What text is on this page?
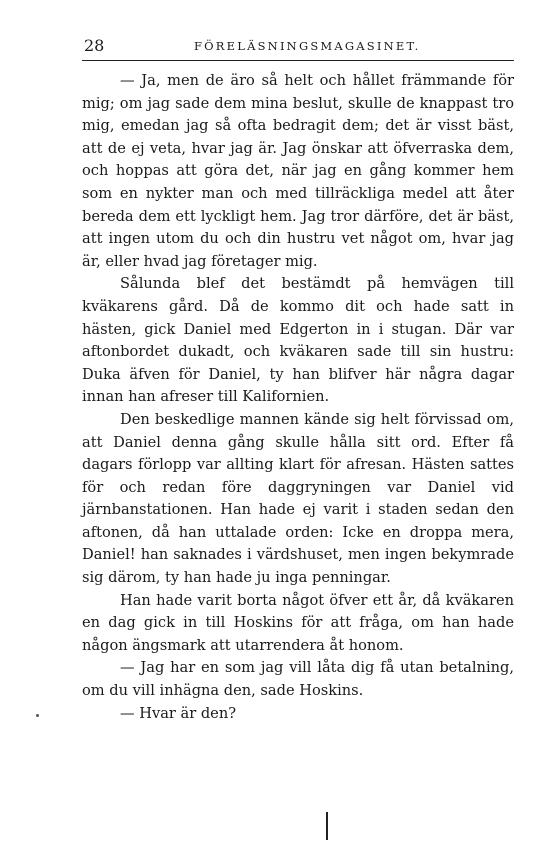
28	FÖRELÄSNINGSMAGASINET.

— Ja, men de äro så helt och hållet främmande för mig; om jag sade dem mina beslut, skulle de knappast tro mig, emedan jag så ofta bedragit dem; det är visst bäst, att de ej veta, hvar jag är. Jag önskar att öfverraska dem, och hoppas att göra det, när jag en gång kommer hem som en nykter man och med tillräckliga medel att åter bereda dem ett lyckligt hem. Jag tror därföre, det är bäst, att ingen utom du och din hustru vet något om, hvar jag är, eller hvad jag företager mig.

Sålunda blef det bestämdt på hemvägen till kväkarens gård. Då de kommo dit och hade satt in hästen, gick Daniel med Edgerton in i stugan. Där var aftonbordet dukadt, och kväkaren sade till sin hustru: Duka äfven för Daniel, ty han blifver här några dagar innan han afreser till Kalifornien.

Den beskedlige mannen kände sig helt förvissad om, att Daniel denna gång skulle hålla sitt ord. Efter få dagars förlopp var allting klart för afresan. Hästen sattes för och redan före daggryningen var Daniel vid järnbanstationen. Han hade ej varit i staden sedan den aftonen, då han uttalade orden: Icke en droppa mera, Daniel! han saknades i värdshuset, men ingen bekymrade sig därom, ty han hade ju inga penningar.

Han hade varit borta något öfver ett år, då kväkaren en dag gick in till Hoskins för att fråga, om han hade någon ängsmark att utarrendera åt honom.

— Jag har en som jag vill låta dig få utan betalning, om du vill inhägna den, sade Hoskins.

— Hvar är den?
